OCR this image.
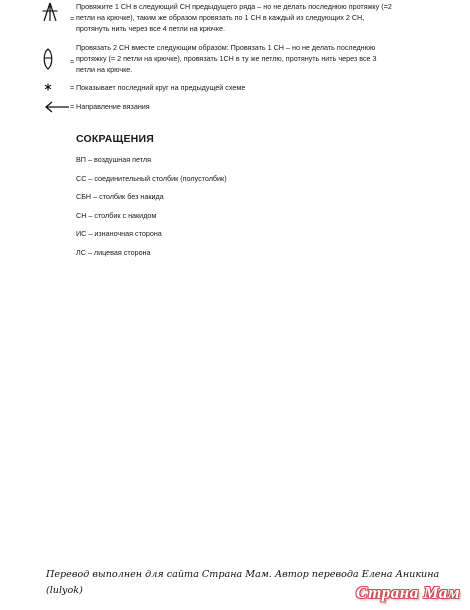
=
Провяжите 1 СН в следующий СН предыдущего ряда – но не делать последнюю протяжку (=2
петли на крючке), таким же образом провязать по 1 СН в каждый из следующих 2 СН,
протянуть нить через все 4 петли на крючке.
=
Провязать 2 СН вместе следующим образом: Провязать 1 СН – но не делать последнюю
протяжку (= 2 петли на крючке), провязать 1СН в ту же петлю, протянуть нить через все 3
петли на крючке.
= Показывает последний круг на предыдущей схеме
= Направление вязания
СОКРАЩЕНИЯ
ВП – воздушная петля
СС – соединительный столбик (полустолбик)
СБН – столбик без накида
СН – столбик с накидом
ИС – изнаночная сторона
ЛС – лицевая сторона
Перевод выполнен для сайта Страна Мам. Автор перевода Елена Аникина
(lulyok)	Страна Мам
